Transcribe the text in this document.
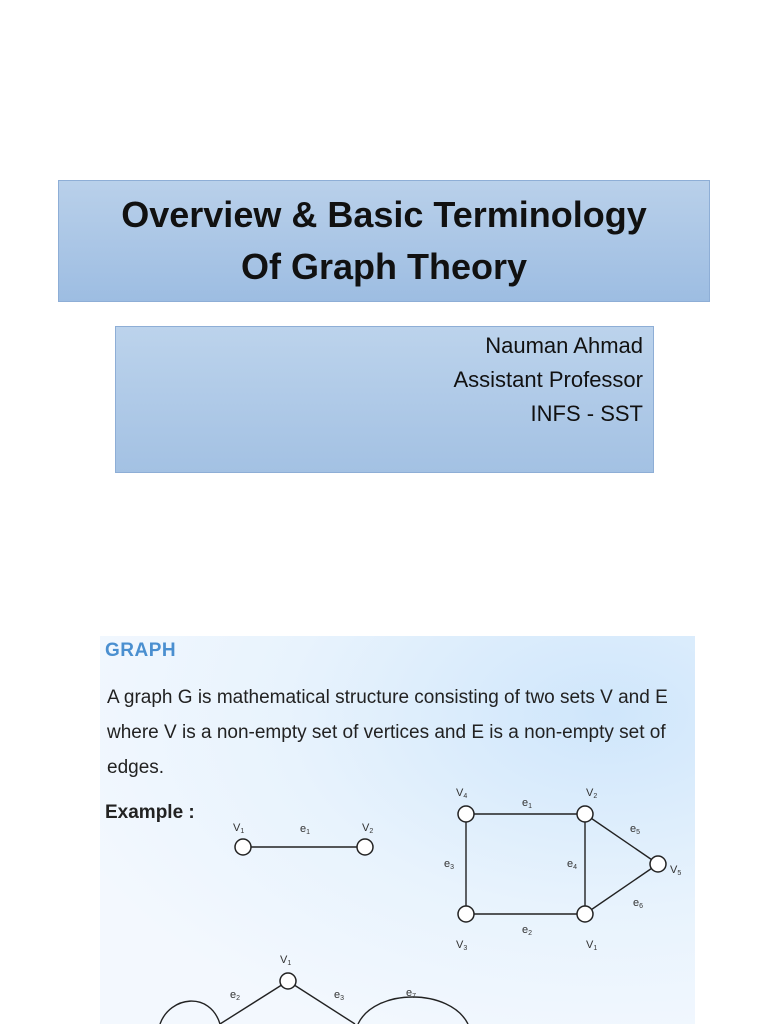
Overview & Basic Terminology
Of Graph Theory
Nauman Ahmad
Assistant Professor
INFS - SST
GRAPH
A graph G is mathematical structure consisting of two sets V and E where V is a non-empty set of vertices and E is a non-empty set of edges.
Example :
V1	e1	V2
V4	V2
V5
V3	V1
e1
e2
e3	e4
e5
e6
V1
e2	e3	e7
